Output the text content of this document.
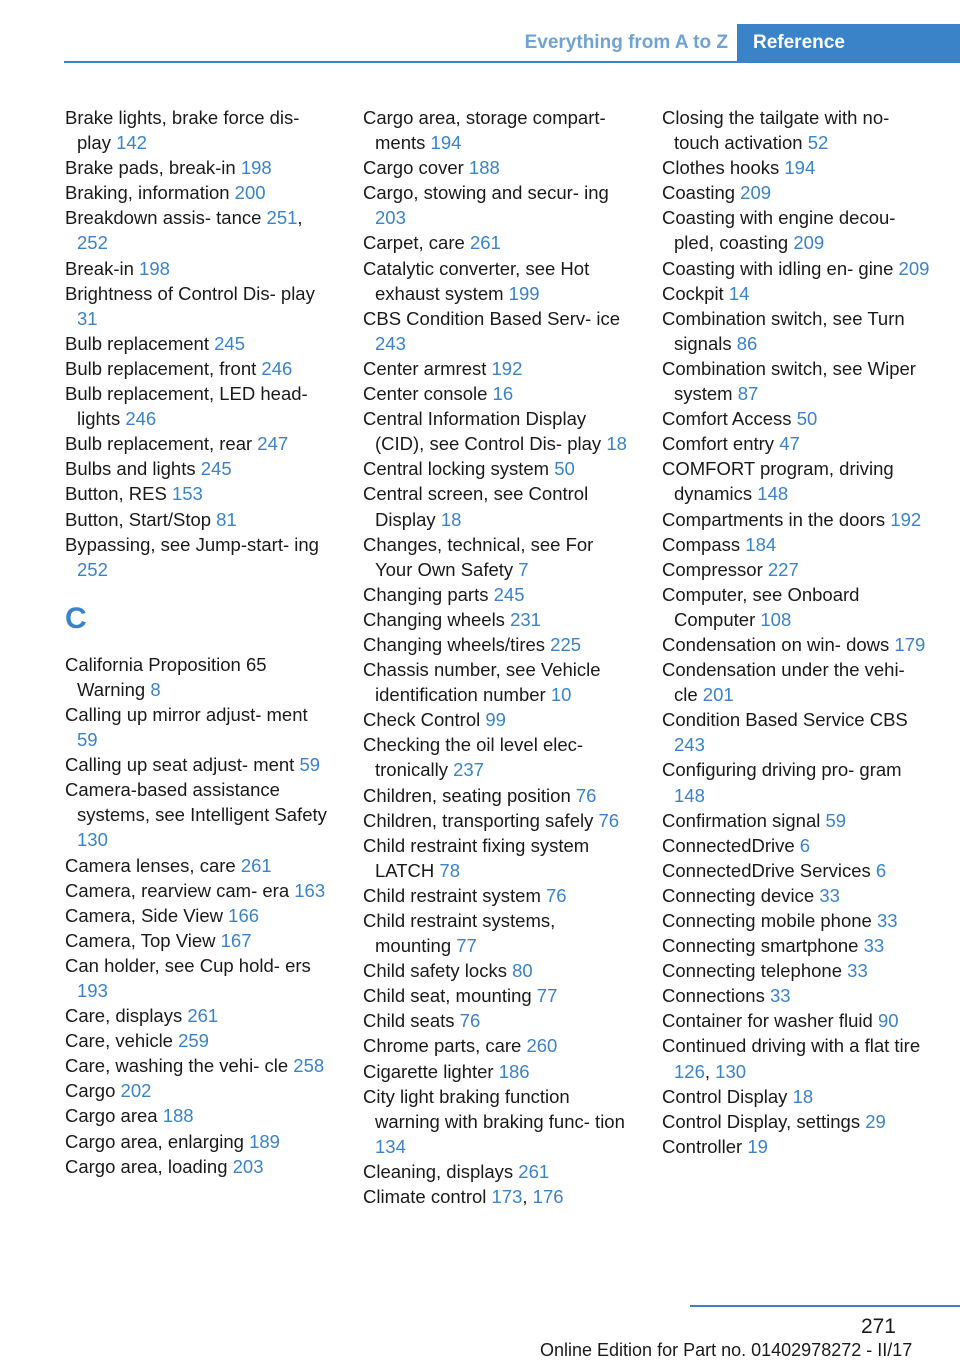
Everything from A to Z	Reference

Brake lights, brake force dis‐ play 142

Brake pads, break-in 198

Braking, information 200

Breakdown assis‐ tance 251, 252

Break-in 198

Brightness of Control Dis‐ play 31

Bulb replacement 245

Bulb replacement, front 246

Bulb replacement, LED head‐ lights 246

Bulb replacement, rear 247

Bulbs and lights 245

Button, RES 153

Button, Start/Stop 81

Bypassing, see Jump-start‐ ing 252

C

California Proposition 65 Warning 8

Calling up mirror adjust‐ ment 59

Calling up seat adjust‐ ment 59

Camera-based assistance systems, see Intelligent Safety 130

Camera lenses, care 261

Camera, rearview cam‐ era 163

Camera, Side View 166

Camera, Top View 167

Can holder, see Cup hold‐ ers 193

Care, displays 261

Care, vehicle 259

Care, washing the vehi‐ cle 258

Cargo 202

Cargo area 188

Cargo area, enlarging 189

Cargo area, loading 203

Cargo area, storage compart‐ ments 194

Cargo cover 188

Cargo, stowing and secur‐ ing 203

Carpet, care 261

Catalytic converter, see Hot exhaust system 199

CBS Condition Based Serv‐ ice 243

Center armrest 192

Center console 16

Central Information Display (CID), see Control Dis‐ play 18

Central locking system 50

Central screen, see Control Display 18

Changes, technical, see For Your Own Safety 7

Changing parts 245

Changing wheels 231

Changing wheels/tires 225

Chassis number, see Vehicle identification number 10

Check Control 99

Checking the oil level elec‐ tronically 237

Children, seating position 76

Children, transporting safely 76

Child restraint fixing system LATCH 78

Child restraint system 76

Child restraint systems, mounting 77

Child safety locks 80

Child seat, mounting 77

Child seats 76

Chrome parts, care 260

Cigarette lighter 186

City light braking function warning with braking func‐ tion 134

Cleaning, displays 261

Climate control 173, 176

Closing the tailgate with no- touch activation 52

Clothes hooks 194

Coasting 209

Coasting with engine decou‐ pled, coasting 209

Coasting with idling en‐ gine 209

Cockpit 14

Combination switch, see Turn signals 86

Combination switch, see Wiper system 87

Comfort Access 50

Comfort entry 47

COMFORT program, driving dynamics 148

Compartments in the doors 192

Compass 184

Compressor 227

Computer, see Onboard Computer 108

Condensation on win‐ dows 179

Condensation under the vehi‐ cle 201

Condition Based Service CBS 243

Configuring driving pro‐ gram 148

Confirmation signal 59

ConnectedDrive 6

ConnectedDrive Services 6

Connecting device 33

Connecting mobile phone 33

Connecting smartphone 33

Connecting telephone 33

Connections 33

Container for washer fluid 90

Continued driving with a flat tire 126, 130

Control Display 18

Control Display, settings 29

Controller 19

271
Online Edition for Part no. 01402978272 - II/17
